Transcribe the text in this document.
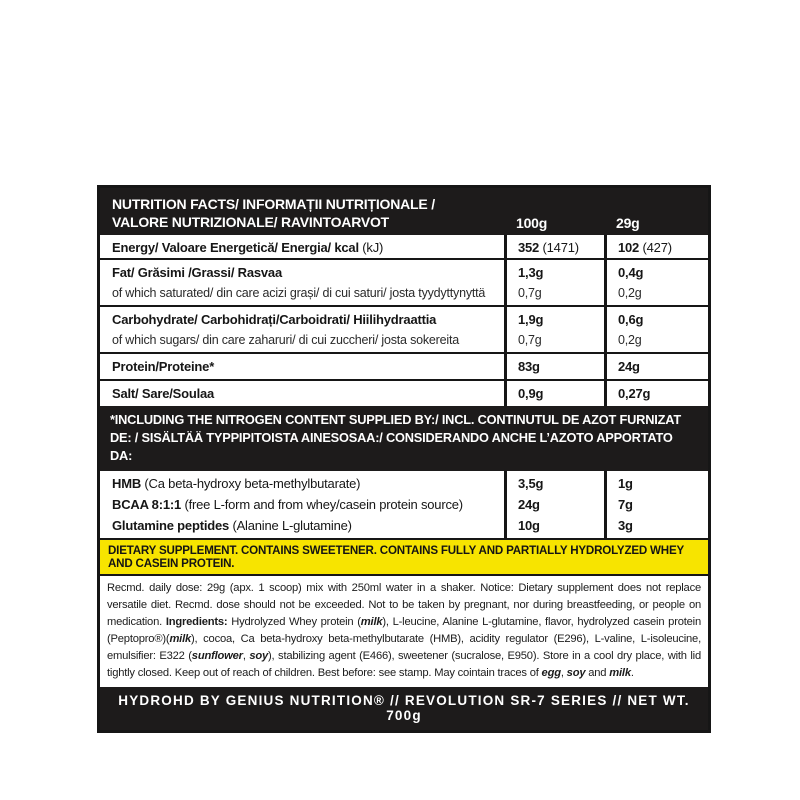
NUTRITION FACTS/ INFORMAȚII NUTRIȚIONALE /
VALORE NUTRIZIONALE/ RAVINTOARVOT	100g	29g
Energy/ Valoare Energetică/ Energia/ kcal (kJ)	352 (1471)	102 (427)
Fat/ Grăsimi /Grassi/ Rasvaa	1,3g	0,4g
of which saturated/ din care acizi grași/ di cui saturi/ josta tyydyttynyttä	0,7g	0,2g
Carbohydrate/ Carbohidrați/Carboidrati/ Hiilihydraattia	1,9g	0,6g
of which sugars/ din care zaharuri/ di cui zuccheri/ josta sokereita	0,7g	0,2g
Protein/Proteine*	83g	24g
Salt/ Sare/Soulaa	0,9g	0,27g
*INCLUDING THE NITROGEN CONTENT SUPPLIED BY:/ INCL. CONTINUTUL DE AZOT FURNIZAT DE: / SISÄLTÄÄ TYPPIPITOISTA AINESOSAA:/ CONSIDERANDO ANCHE L’AZOTO APPORTATO DA:
HMB (Ca beta-hydroxy beta-methylbutarate)	3,5g	1g
BCAA 8:1:1 (free L-form and from whey/casein protein source)	24g	7g
Glutamine peptides (Alanine L-glutamine)	10g	3g
DIETARY SUPPLEMENT. CONTAINS SWEETENER. CONTAINS FULLY AND PARTIALLY HYDROLYZED WHEY AND CASEIN PROTEIN.
Recmd. daily dose: 29g (apx. 1 scoop) mix with 250ml water in a shaker. Notice: Dietary supplement does not replace versatile diet. Recmd. dose should not be exceeded. Not to be taken by pregnant, nor during breastfeeding, or people on medication. Ingredients: Hydrolyzed Whey protein (milk), L-leucine, Alanine L-glutamine, flavor, hydrolyzed casein protein (Peptopro®)(milk), cocoa, Ca beta-hydroxy beta-methylbutarate (HMB), acidity regulator (E296), L-valine, L-isoleucine, emulsifier: E322 (sunflower, soy), stabilizing agent (E466), sweetener (sucralose, E950). Store in a cool dry place, with lid tightly closed. Keep out of reach of children. Best before: see stamp. May cointain traces of egg, soy and milk.
HYDROHD BY GENIUS NUTRITION® // REVOLUTION SR-7 SERIES // NET WT. 700g
